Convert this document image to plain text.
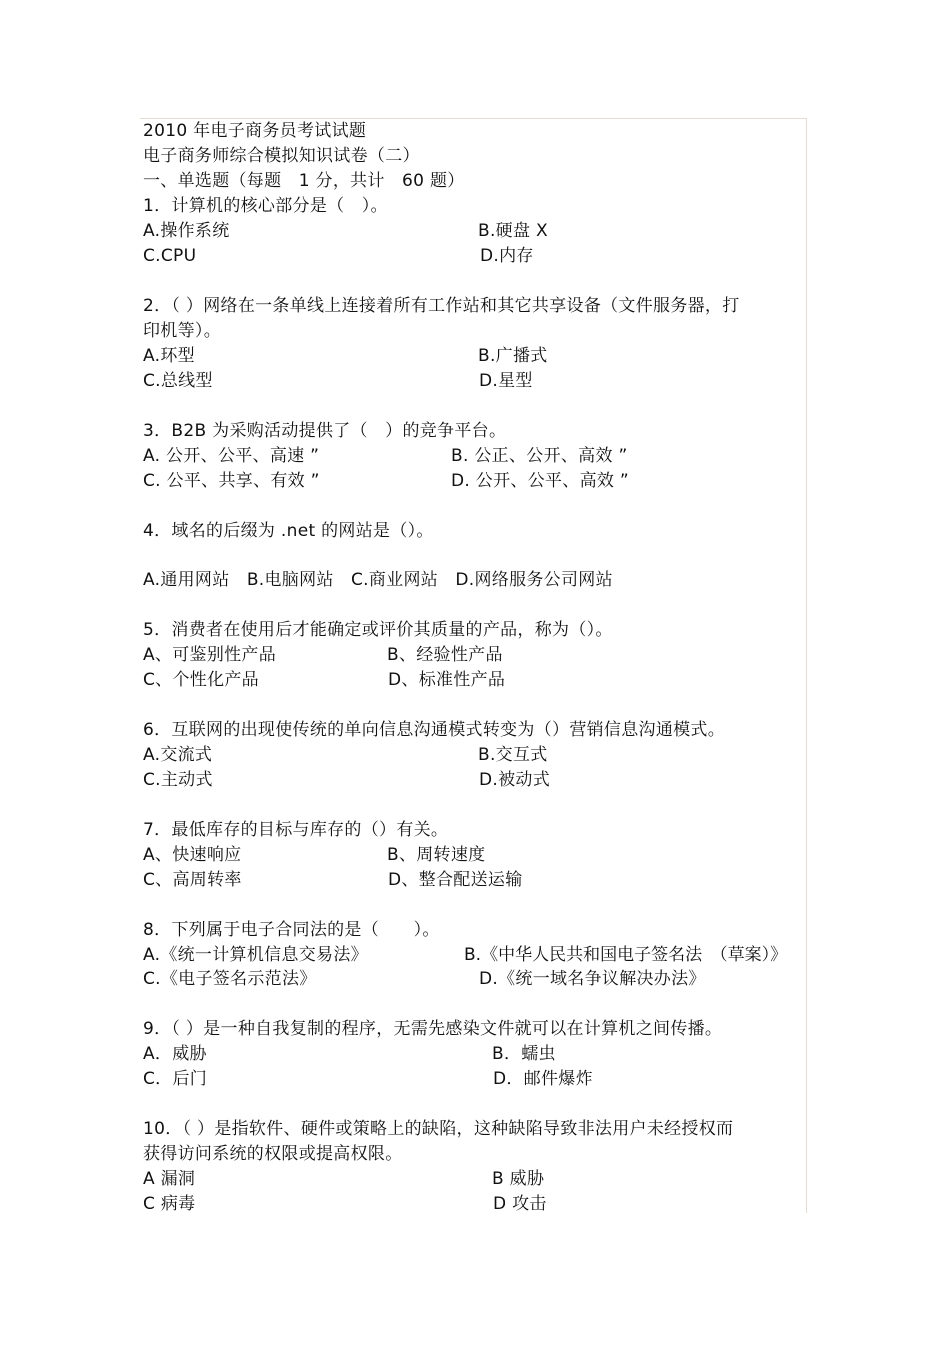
2010 年电子商务员考试试题
电子商务师综合模拟知识试卷（二）
一、单选题（每题　1 分，共计　60 题）
1．计算机的核心部分是（　）。
A.操作系统	B.硬盘 X
C.CPU	D.内存
2．（ ）网络在一条单线上连接着所有工作站和其它共享设备（文件服务器，打
印机等）。
A.环型	B.广播式
C.总线型	D.星型
3．B2B 为采购活动提供了（　）的竞争平台。
A. 公开、公平、高速 ”	B. 公正、公开、高效 ”
C. 公平、共享、有效 ”	D. 公开、公平、高效 ”
4．域名的后缀为 .net 的网站是（）。
A.通用网站　B.电脑网站　C.商业网站　D.网络服务公司网站
5．消费者在使用后才能确定或评价其质量的产品，称为（）。
A、可鉴别性产品	B、经验性产品
C、个性化产品	D、标准性产品
6．互联网的出现使传统的单向信息沟通模式转变为（）营销信息沟通模式。
A.交流式	B.交互式
C.主动式	D.被动式
7．最低库存的目标与库存的（）有关。
A、快速响应	B、周转速度
C、高周转率	D、整合配送运输
8．下列属于电子合同法的是（　　）。
A.《统一计算机信息交易法》	B.《中华人民共和国电子签名法　（草案）》
C.《电子签名示范法》	D.《统一域名争议解决办法》
9．（ ）是一种自我复制的程序，无需先感染文件就可以在计算机之间传播。
A．威胁	B．蠕虫
C．后门	D．邮件爆炸
10．（ ）是指软件、硬件或策略上的缺陷，这种缺陷导致非法用户未经授权而
获得访问系统的权限或提高权限。
A 漏洞	B 威胁
C 病毒	D 攻击
